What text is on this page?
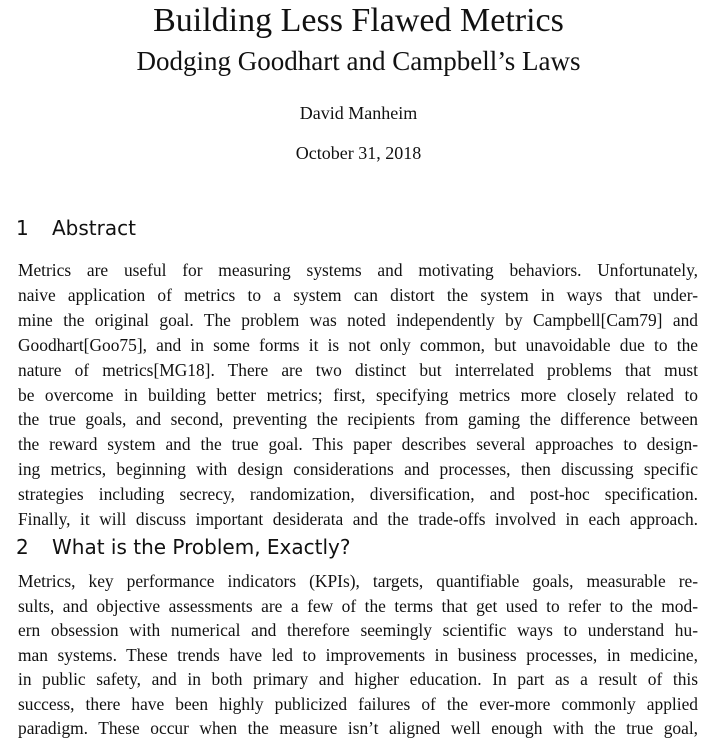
Building Less Flawed Metrics
Dodging Goodhart and Campbell’s Laws
David Manheim
October 31, 2018
1 Abstract
Metrics are useful for measuring systems and motivating behaviors. Unfortunately,
naive application of metrics to a system can distort the system in ways that under-
mine the original goal. The problem was noted independently by Campbell[Cam79] and
Goodhart[Goo75], and in some forms it is not only common, but unavoidable due to the
nature of metrics[MG18]. There are two distinct but interrelated problems that must
be overcome in building better metrics; first, specifying metrics more closely related to
the true goals, and second, preventing the recipients from gaming the difference between
the reward system and the true goal. This paper describes several approaches to design-
ing metrics, beginning with design considerations and processes, then discussing specific
strategies including secrecy, randomization, diversification, and post-hoc specification.
Finally, it will discuss important desiderata and the trade-offs involved in each approach.
2 What is the Problem, Exactly?
Metrics, key performance indicators (KPIs), targets, quantifiable goals, measurable re-
sults, and objective assessments are a few of the terms that get used to refer to the mod-
ern obsession with numerical and therefore seemingly scientific ways to understand hu-
man systems. These trends have led to improvements in business processes, in medicine,
in public safety, and in both primary and higher education. In part as a result of this
success, there have been highly publicized failures of the ever-more commonly applied
paradigm. These occur when the measure isn’t aligned well enough with the true goal,
